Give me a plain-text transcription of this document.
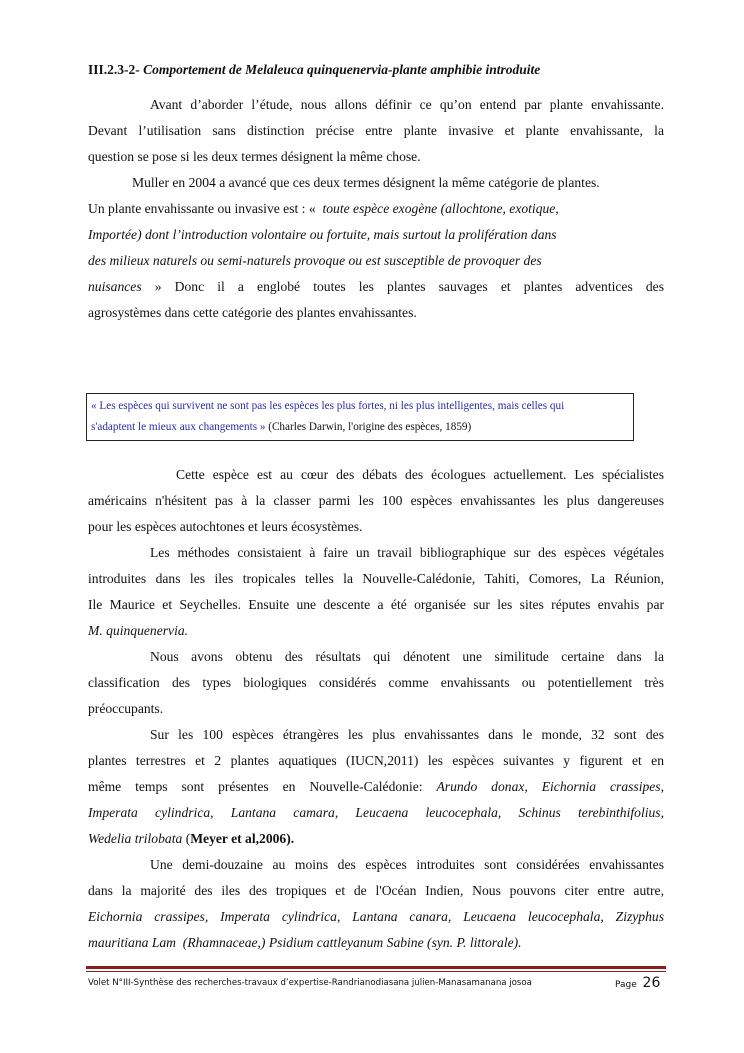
III.2.3-2- Comportement de Melaleuca quinquenervia-plante amphibie introduite
Avant d’aborder l’étude, nous allons définir ce qu’on entend par plante envahissante.
Devant l’utilisation sans distinction précise entre plante invasive et plante envahissante, la
question se pose si les deux termes désignent la même chose.
Muller en 2004 a avancé que ces deux termes désignent la même catégorie de plantes.
Un plante envahissante ou invasive est : « toute espèce exogène (allochtone, exotique,
Importée) dont l’introduction volontaire ou fortuite, mais surtout la prolifération dans
des milieux naturels ou semi-naturels provoque ou est susceptible de provoquer des
nuisances » Donc il a englobé toutes les plantes sauvages et plantes adventices des
agrosystèmes dans cette catégorie des plantes envahissantes.
Cette espèce est au cœur des débats des écologues actuellement. Les spécialistes
américains n'hésitent pas à la classer parmi les 100 espèces envahissantes les plus dangereuses
pour les espèces autochtones et leurs écosystèmes.
Les méthodes consistaient à faire un travail bibliographique sur des espèces végétales
introduites dans les iles tropicales telles la Nouvelle-Calédonie, Tahiti, Comores, La Réunion,
Ile Maurice et Seychelles. Ensuite une descente a été organisée sur les sites réputes envahis par
M. quinquenervia.
Nous avons obtenu des résultats qui dénotent une similitude certaine dans la
classification des types biologiques considérés comme envahissants ou potentiellement très
préoccupants.
Sur les 100 espèces étrangères les plus envahissantes dans le monde, 32 sont des
plantes terrestres et 2 plantes aquatiques (IUCN,2011) les espèces suivantes y figurent et en
même temps sont présentes en Nouvelle-Calédonie: Arundo donax, Eichornia crassipes,
Imperata cylindrica, Lantana camara, Leucaena leucocephala, Schinus terebinthifolius,
Wedelia trilobata (Meyer et al,2006).
Une demi-douzaine au moins des espèces introduites sont considérées envahissantes
dans la majorité des iles des tropiques et de l'Océan Indien, Nous pouvons citer entre autre,
Eichornia crassipes, Imperata cylindrica, Lantana canara, Leucaena leucocephala, Zizyphus
mauritiana Lam (Rhamnaceae,) Psidium cattleyanum Sabine (syn. P. littorale).
« Les espèces qui survivent ne sont pas les espèces les plus fortes, ni les plus intelligentes, mais celles qui
s'adaptent le mieux aux changements » (Charles Darwin, l'origine des espèces, 1859)
Volet N°III-Synthèse des recherches-travaux d’expertise-Randrianodiasana julien-Manasamanana josoa	Page 26
